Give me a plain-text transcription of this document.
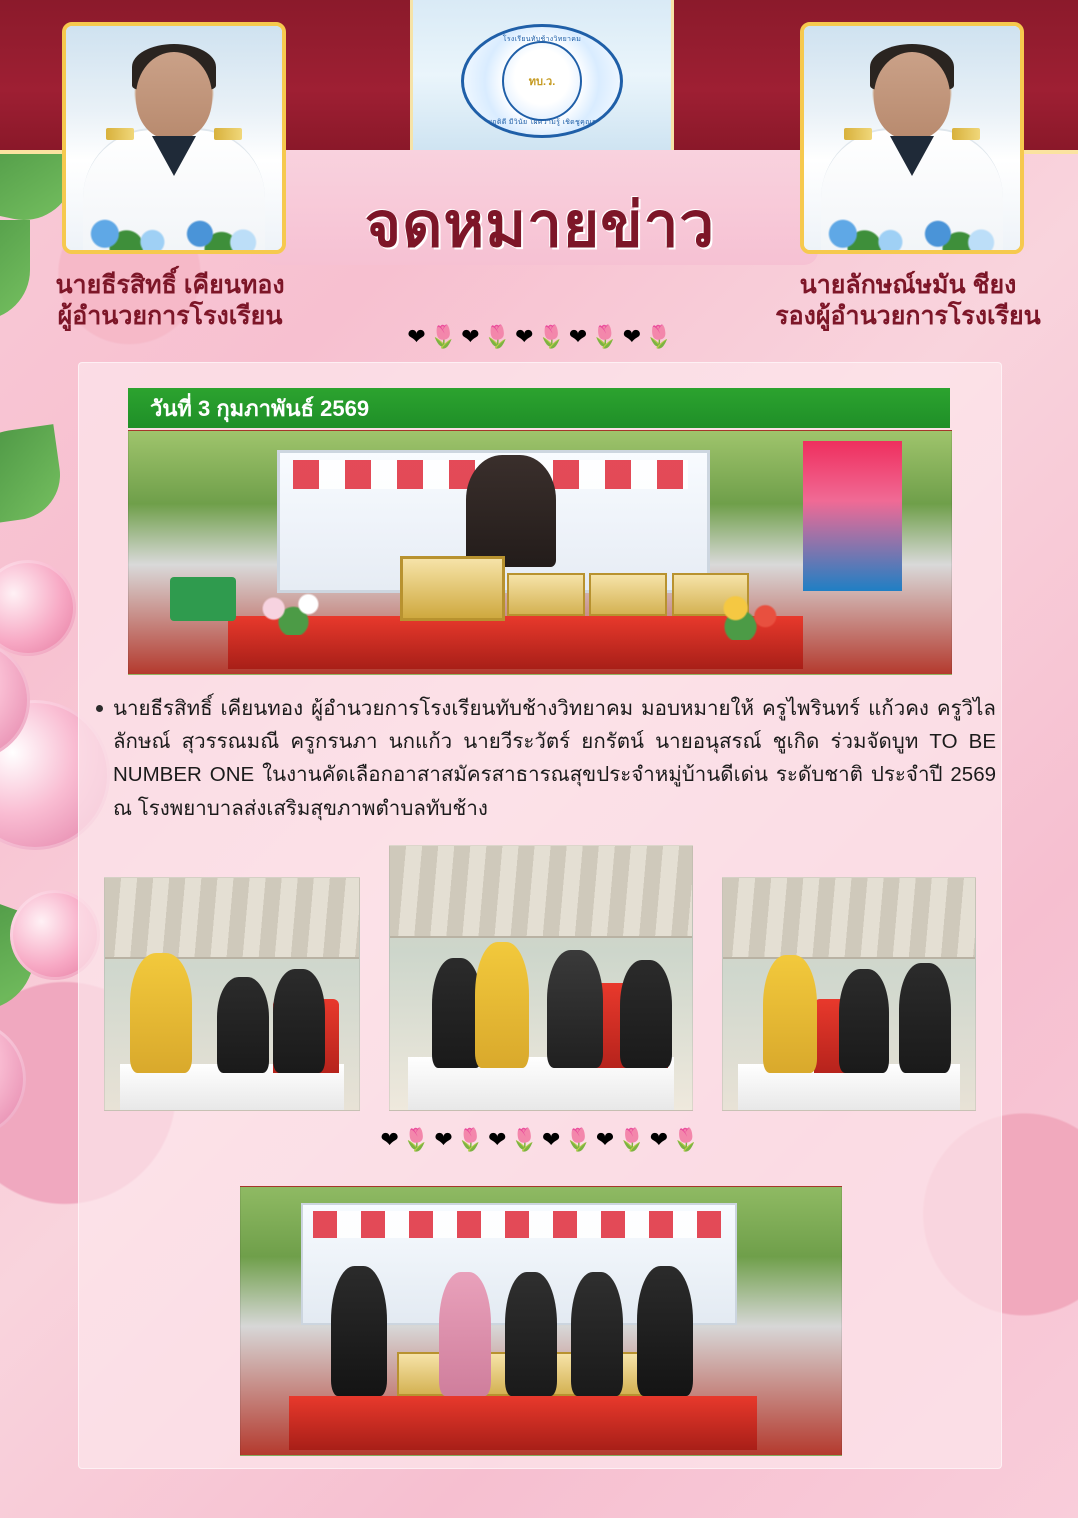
โรงเรียนทับช้างวิทยาคม
ทบ.ว.
ประพฤติดี มีวินัย ใฝ่ความรู้ เชิดชูคุณธรรม
จดหมายข่าว
นายธีรสิทธิ์ เคียนทอง
ผู้อำนวยการโรงเรียน
นายลักษณ์ษมัน ชียง
รองผู้อำนวยการโรงเรียน
❤ 🌷 ❤ 🌷 ❤ 🌷 ❤ 🌷 ❤ 🌷
วันที่ 3 กุมภาพันธ์ 2569
นายธีรสิทธิ์ เคียนทอง ผู้อำนวยการโรงเรียนทับช้างวิทยาคม มอบหมายให้ ครูไพรินทร์ แก้วคง ครูวิไลลักษณ์ สุวรรณมณี ครูกรนภา นกแก้ว นายวีระวัตร์ ยกรัตน์ นายอนุสรณ์ ชูเกิด ร่วมจัดบูท TO BE NUMBER ONE ในงานคัดเลือกอาสาสมัครสาธารณสุขประจำหมู่บ้านดีเด่น ระดับชาติ ประจำปี 2569 ณ โรงพยาบาลส่งเสริมสุขภาพตำบลทับช้าง
❤ 🌷 ❤ 🌷 ❤ 🌷 ❤ 🌷 ❤ 🌷 ❤ 🌷
